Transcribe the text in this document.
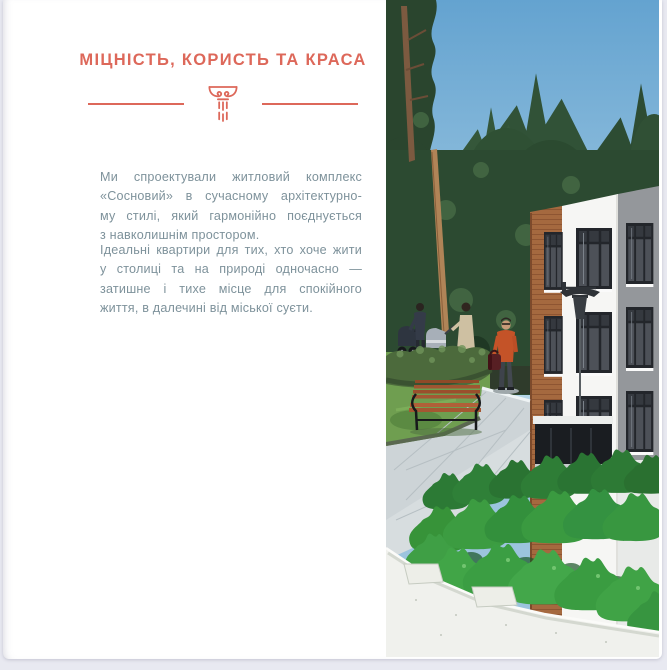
МІЦНІСТЬ, КОРИСТЬ ТА КРАСА

Ми спроектували житловий комплекс
«Сосновий» в сучасному архітектурно-
му стилі, який гармонійно поєднується
з навколишнім простором.

Ідеальні квартири для тих, хто хоче жити
у столиці та на природі одночасно —
затишне і тихе місце для спокійного
життя, в далечині від міської суєти.
